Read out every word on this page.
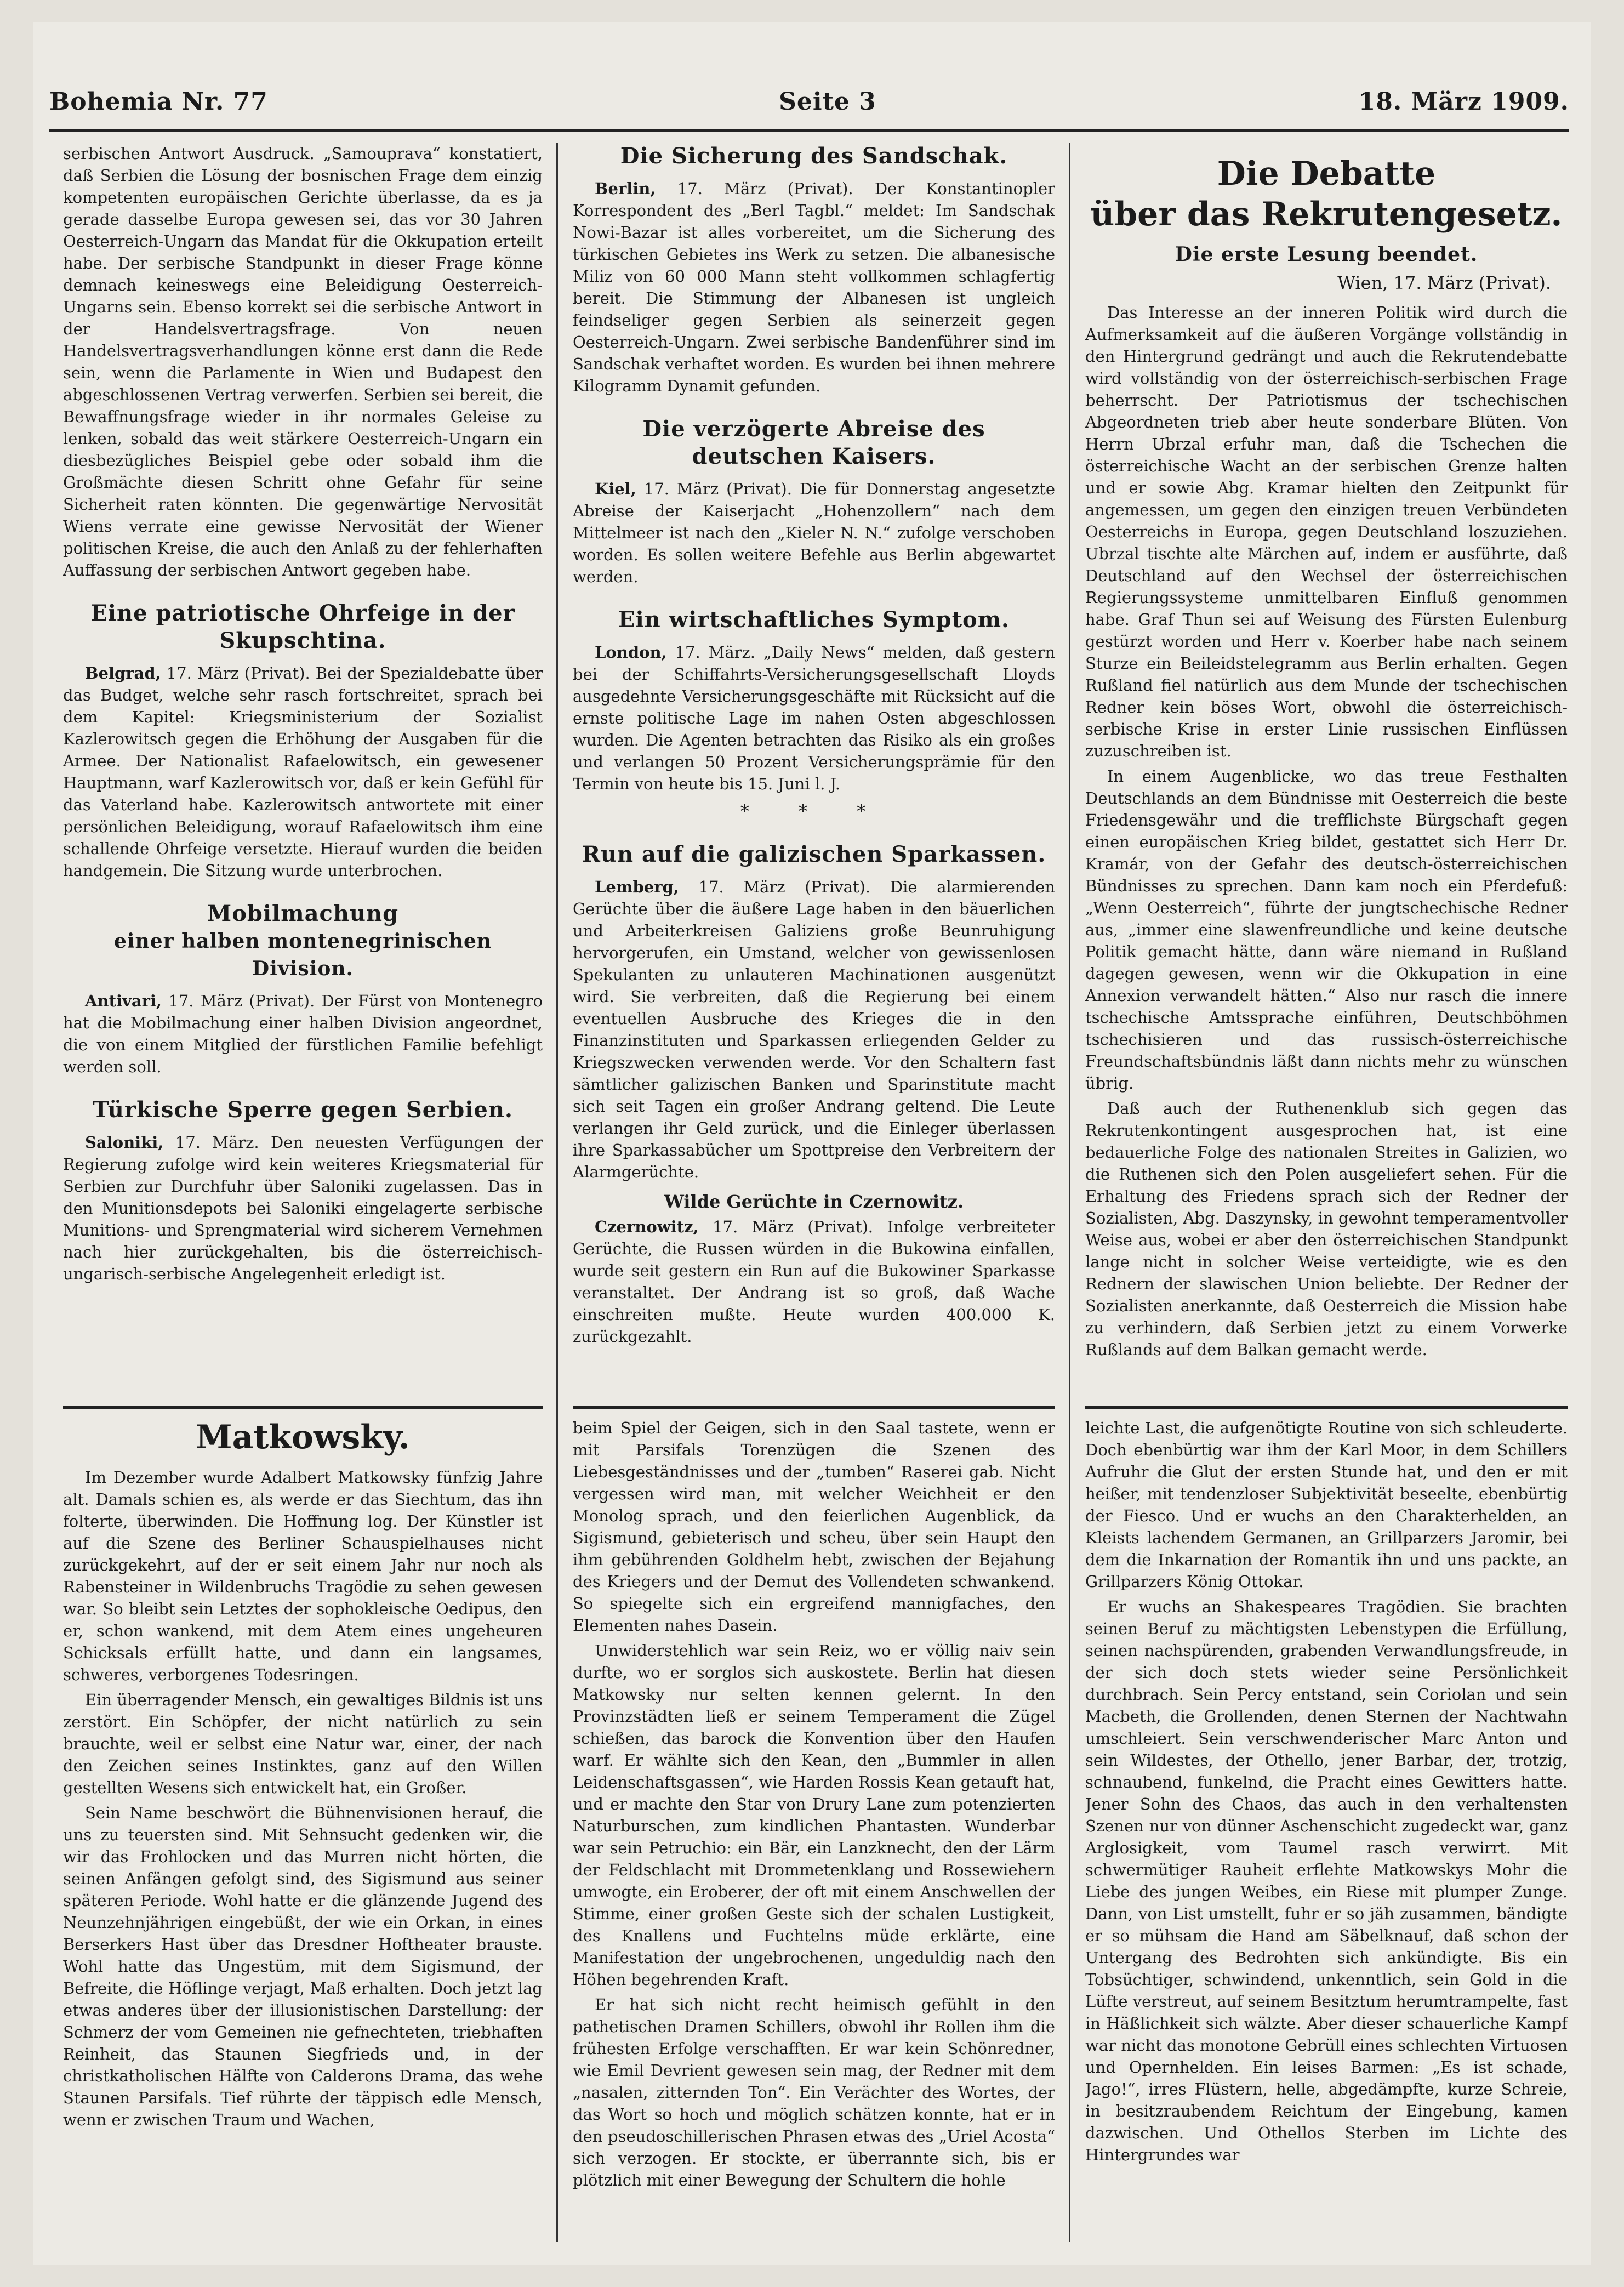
Bohemia Nr. 77	Seite 3	18. März 1909.

serbischen Antwort Ausdruck. „Samouprava“ konstatiert, daß Serbien die Lösung der bosnischen Frage dem einzig kompetenten europäischen Gerichte überlasse, da es ja gerade dasselbe Europa gewesen sei, das vor 30 Jahren Oesterreich-Ungarn das Mandat für die Okkupation erteilt habe. Der serbische Standpunkt in dieser Frage könne demnach keineswegs eine Beleidigung Oesterreich-Ungarns sein. Ebenso korrekt sei die serbische Antwort in der Handelsvertragsfrage. Von neuen Handelsvertragsverhandlungen könne erst dann die Rede sein, wenn die Parlamente in Wien und Budapest den abgeschlossenen Vertrag verwerfen. Serbien sei bereit, die Bewaffnungsfrage wieder in ihr normales Geleise zu lenken, sobald das weit stärkere Oesterreich-Ungarn ein diesbezügliches Beispiel gebe oder sobald ihm die Großmächte diesen Schritt ohne Gefahr für seine Sicherheit raten könnten. Die gegenwärtige Nervosität Wiens verrate eine gewisse Nervosität der Wiener politischen Kreise, die auch den Anlaß zu der fehlerhaften Auffassung der serbischen Antwort gegeben habe.

Eine patriotische Ohrfeige in der Skupschtina.

Belgrad, 17. März (Privat). Bei der Spezialdebatte über das Budget, welche sehr rasch fortschreitet, sprach bei dem Kapitel: Kriegsministerium der Sozialist Kazlerowitsch gegen die Erhöhung der Ausgaben für die Armee. Der Nationalist Rafaelowitsch, ein gewesener Hauptmann, warf Kazlerowitsch vor, daß er kein Gefühl für das Vaterland habe. Kazlerowitsch antwortete mit einer persönlichen Beleidigung, worauf Rafaelowitsch ihm eine schallende Ohrfeige versetzte. Hierauf wurden die beiden handgemein. Die Sitzung wurde unterbrochen.

Mobilmachung
einer halben montenegrinischen Division.

Antivari, 17. März (Privat). Der Fürst von Montenegro hat die Mobilmachung einer halben Division angeordnet, die von einem Mitglied der fürstlichen Familie befehligt werden soll.

Türkische Sperre gegen Serbien.

Saloniki, 17. März. Den neuesten Verfügungen der Regierung zufolge wird kein weiteres Kriegsmaterial für Serbien zur Durchfuhr über Saloniki zugelassen. Das in den Munitionsdepots bei Saloniki eingelagerte serbische Munitions- und Sprengmaterial wird sicherem Vernehmen nach hier zurückgehalten, bis die österreichisch-ungarisch-serbische Angelegenheit erledigt ist.

Die Sicherung des Sandschak.

Berlin, 17. März (Privat). Der Konstantinopler Korrespondent des „Berl Tagbl.“ meldet: Im Sandschak Nowi-Bazar ist alles vorbereitet, um die Sicherung des türkischen Gebietes ins Werk zu setzen. Die albanesische Miliz von 60 000 Mann steht vollkommen schlagfertig bereit. Die Stimmung der Albanesen ist ungleich feindseliger gegen Serbien als seinerzeit gegen Oesterreich-Ungarn. Zwei serbische Bandenführer sind im Sandschak verhaftet worden. Es wurden bei ihnen mehrere Kilogramm Dynamit gefunden.

Die verzögerte Abreise des deutschen Kaisers.

Kiel, 17. März (Privat). Die für Donnerstag angesetzte Abreise der Kaiserjacht „Hohenzollern“ nach dem Mittelmeer ist nach den „Kieler N. N.“ zufolge verschoben worden. Es sollen weitere Befehle aus Berlin abgewartet werden.

Ein wirtschaftliches Symptom.

London, 17. März. „Daily News“ melden, daß gestern bei der Schiffahrts-Versicherungsgesellschaft Lloyds ausgedehnte Versicherungsgeschäfte mit Rücksicht auf die ernste politische Lage im nahen Osten abgeschlossen wurden. Die Agenten betrachten das Risiko als ein großes und verlangen 50 Prozent Versicherungsprämie für den Termin von heute bis 15. Juni l. J.

* * *
Run auf die galizischen Sparkassen.

Lemberg, 17. März (Privat). Die alarmierenden Gerüchte über die äußere Lage haben in den bäuerlichen und Arbeiterkreisen Galiziens große Beunruhigung hervorgerufen, ein Umstand, welcher von gewissenlosen Spekulanten zu unlauteren Machinationen ausgenützt wird. Sie verbreiten, daß die Regierung bei einem eventuellen Ausbruche des Krieges die in den Finanzinstituten und Sparkassen erliegenden Gelder zu Kriegszwecken verwenden werde. Vor den Schaltern fast sämtlicher galizischen Banken und Sparinstitute macht sich seit Tagen ein großer Andrang geltend. Die Leute verlangen ihr Geld zurück, und die Einleger überlassen ihre Sparkassabücher um Spottpreise den Verbreitern der Alarmgerüchte.

Wilde Gerüchte in Czernowitz.

Czernowitz, 17. März (Privat). Infolge verbreiteter Gerüchte, die Russen würden in die Bukowina einfallen, wurde seit gestern ein Run auf die Bukowiner Sparkasse veranstaltet. Der Andrang ist so groß, daß Wache einschreiten mußte. Heute wurden 400.000 K. zurückgezahlt.

Die Debatte
über das Rekrutengesetz.
Die erste Lesung beendet.
Wien, 17. März (Privat).

Das Interesse an der inneren Politik wird durch die Aufmerksamkeit auf die äußeren Vorgänge vollständig in den Hintergrund gedrängt und auch die Rekrutendebatte wird vollständig von der österreichisch-serbischen Frage beherrscht. Der Patriotismus der tschechischen Abgeordneten trieb aber heute sonderbare Blüten. Von Herrn Ubrzal erfuhr man, daß die Tschechen die österreichische Wacht an der serbischen Grenze halten und er sowie Abg. Kramar hielten den Zeitpunkt für angemessen, um gegen den einzigen treuen Verbündeten Oesterreichs in Europa, gegen Deutschland loszuziehen. Ubrzal tischte alte Märchen auf, indem er ausführte, daß Deutschland auf den Wechsel der österreichischen Regierungssysteme unmittelbaren Einfluß genommen habe. Graf Thun sei auf Weisung des Fürsten Eulenburg gestürzt worden und Herr v. Koerber habe nach seinem Sturze ein Beileidstelegramm aus Berlin erhalten. Gegen Rußland fiel natürlich aus dem Munde der tschechischen Redner kein böses Wort, obwohl die österreichisch-serbische Krise in erster Linie russischen Einflüssen zuzuschreiben ist.

In einem Augenblicke, wo das treue Festhalten Deutschlands an dem Bündnisse mit Oesterreich die beste Friedensgewähr und die trefflichste Bürgschaft gegen einen europäischen Krieg bildet, gestattet sich Herr Dr. Kramár, von der Gefahr des deutsch-österreichischen Bündnisses zu sprechen. Dann kam noch ein Pferdefuß: „Wenn Oesterreich“, führte der jungtschechische Redner aus, „immer eine slawenfreundliche und keine deutsche Politik gemacht hätte, dann wäre niemand in Rußland dagegen gewesen, wenn wir die Okkupation in eine Annexion verwandelt hätten.“ Also nur rasch die innere tschechische Amtssprache einführen, Deutschböhmen tschechisieren und das russisch-österreichische Freundschaftsbündnis läßt dann nichts mehr zu wünschen übrig.

Daß auch der Ruthenenklub sich gegen das Rekrutenkontingent ausgesprochen hat, ist eine bedauerliche Folge des nationalen Streites in Galizien, wo die Ruthenen sich den Polen ausgeliefert sehen. Für die Erhaltung des Friedens sprach sich der Redner der Sozialisten, Abg. Daszynsky, in gewohnt temperamentvoller Weise aus, wobei er aber den österreichischen Standpunkt lange nicht in solcher Weise verteidigte, wie es den Rednern der slawischen Union beliebte. Der Redner der Sozialisten anerkannte, daß Oesterreich die Mission habe zu verhindern, daß Serbien jetzt zu einem Vorwerke Rußlands auf dem Balkan gemacht werde.

Matkowsky.

Im Dezember wurde Adalbert Matkowsky fünfzig Jahre alt. Damals schien es, als werde er das Siechtum, das ihn folterte, überwinden. Die Hoffnung log. Der Künstler ist auf die Szene des Berliner Schauspielhauses nicht zurückgekehrt, auf der er seit einem Jahr nur noch als Rabensteiner in Wildenbruchs Tragödie zu sehen gewesen war. So bleibt sein Letztes der sophokleische Oedipus, den er, schon wankend, mit dem Atem eines ungeheuren Schicksals erfüllt hatte, und dann ein langsames, schweres, verborgenes Todesringen.

Ein überragender Mensch, ein gewaltiges Bildnis ist uns zerstört. Ein Schöpfer, der nicht natürlich zu sein brauchte, weil er selbst eine Natur war, einer, der nach den Zeichen seines Instinktes, ganz auf den Willen gestellten Wesens sich entwickelt hat, ein Großer.

Sein Name beschwört die Bühnenvisionen herauf, die uns zu teuersten sind. Mit Sehnsucht gedenken wir, die wir das Frohlocken und das Murren nicht hörten, die seinen Anfängen gefolgt sind, des Sigismund aus seiner späteren Periode. Wohl hatte er die glänzende Jugend des Neunzehnjährigen eingebüßt, der wie ein Orkan, in eines Berserkers Hast über das Dresdner Hoftheater brauste. Wohl hatte das Ungestüm, mit dem Sigismund, der Befreite, die Höflinge verjagt, Maß erhalten. Doch jetzt lag etwas anderes über der illusionistischen Darstellung: der Schmerz der vom Gemeinen nie gefnechteten, triebhaften Reinheit, das Staunen Siegfrieds und, in der christkatholischen Hälfte von Calderons Drama, das wehe Staunen Parsifals. Tief rührte der täppisch edle Mensch, wenn er zwischen Traum und Wachen,

beim Spiel der Geigen, sich in den Saal tastete, wenn er mit Parsifals Torenzügen die Szenen des Liebesgeständnisses und der „tumben“ Raserei gab. Nicht vergessen wird man, mit welcher Weichheit er den Monolog sprach, und den feierlichen Augenblick, da Sigismund, gebieterisch und scheu, über sein Haupt den ihm gebührenden Goldhelm hebt, zwischen der Bejahung des Kriegers und der Demut des Vollendeten schwankend. So spiegelte sich ein ergreifend mannigfaches, den Elementen nahes Dasein.

Unwiderstehlich war sein Reiz, wo er völlig naiv sein durfte, wo er sorglos sich auskostete. Berlin hat diesen Matkowsky nur selten kennen gelernt. In den Provinzstädten ließ er seinem Temperament die Zügel schießen, das barock die Konvention über den Haufen warf. Er wählte sich den Kean, den „Bummler in allen Leidenschaftsgassen“, wie Harden Rossis Kean getauft hat, und er machte den Star von Drury Lane zum potenzierten Naturburschen, zum kindlichen Phantasten. Wunderbar war sein Petruchio: ein Bär, ein Lanzknecht, den der Lärm der Feldschlacht mit Drommetenklang und Rossewiehern umwogte, ein Eroberer, der oft mit einem Anschwellen der Stimme, einer großen Geste sich der schalen Lustigkeit, des Knallens und Fuchtelns müde erklärte, eine Manifestation der ungebrochenen, ungeduldig nach den Höhen begehrenden Kraft.

Er hat sich nicht recht heimisch gefühlt in den pathetischen Dramen Schillers, obwohl ihr Rollen ihm die frühesten Erfolge verschafften. Er war kein Schönredner, wie Emil Devrient gewesen sein mag, der Redner mit dem „nasalen, zitternden Ton“. Ein Verächter des Wortes, der das Wort so hoch und möglich schätzen konnte, hat er in den pseudoschillerischen Phrasen etwas des „Uriel Acosta“ sich verzogen. Er stockte, er überrannte sich, bis er plötzlich mit einer Bewegung der Schultern die hohle

leichte Last, die aufgenötigte Routine von sich schleuderte. Doch ebenbürtig war ihm der Karl Moor, in dem Schillers Aufruhr die Glut der ersten Stunde hat, und den er mit heißer, mit tendenzloser Subjektivität beseelte, ebenbürtig der Fiesco. Und er wuchs an den Charakterhelden, an Kleists lachendem Germanen, an Grillparzers Jaromir, bei dem die Inkarnation der Romantik ihn und uns packte, an Grillparzers König Ottokar.

Er wuchs an Shakespeares Tragödien. Sie brachten seinen Beruf zu mächtigsten Lebenstypen die Erfüllung, seinen nachspürenden, grabenden Verwandlungsfreude, in der sich doch stets wieder seine Persönlichkeit durchbrach. Sein Percy entstand, sein Coriolan und sein Macbeth, die Grollenden, denen Sternen der Nachtwahn umschleiert. Sein verschwenderischer Marc Anton und sein Wildestes, der Othello, jener Barbar, der, trotzig, schnaubend, funkelnd, die Pracht eines Gewitters hatte. Jener Sohn des Chaos, das auch in den verhaltensten Szenen nur von dünner Aschenschicht zugedeckt war, ganz Arglosigkeit, vom Taumel rasch verwirrt. Mit schwermütiger Rauheit erflehte Matkowskys Mohr die Liebe des jungen Weibes, ein Riese mit plumper Zunge. Dann, von List umstellt, fuhr er so jäh zusammen, bändigte er so mühsam die Hand am Säbelknauf, daß schon der Untergang des Bedrohten sich ankündigte. Bis ein Tobsüchtiger, schwindend, unkenntlich, sein Gold in die Lüfte verstreut, auf seinem Besitztum herumtrampelte, fast in Häßlichkeit sich wälzte. Aber dieser schauerliche Kampf war nicht das monotone Gebrüll eines schlechten Virtuosen und Opernhelden. Ein leises Barmen: „Es ist schade, Jago!“, irres Flüstern, helle, abgedämpfte, kurze Schreie, in besitzraubendem Reichtum der Eingebung, kamen dazwischen. Und Othellos Sterben im Lichte des Hintergrundes war
